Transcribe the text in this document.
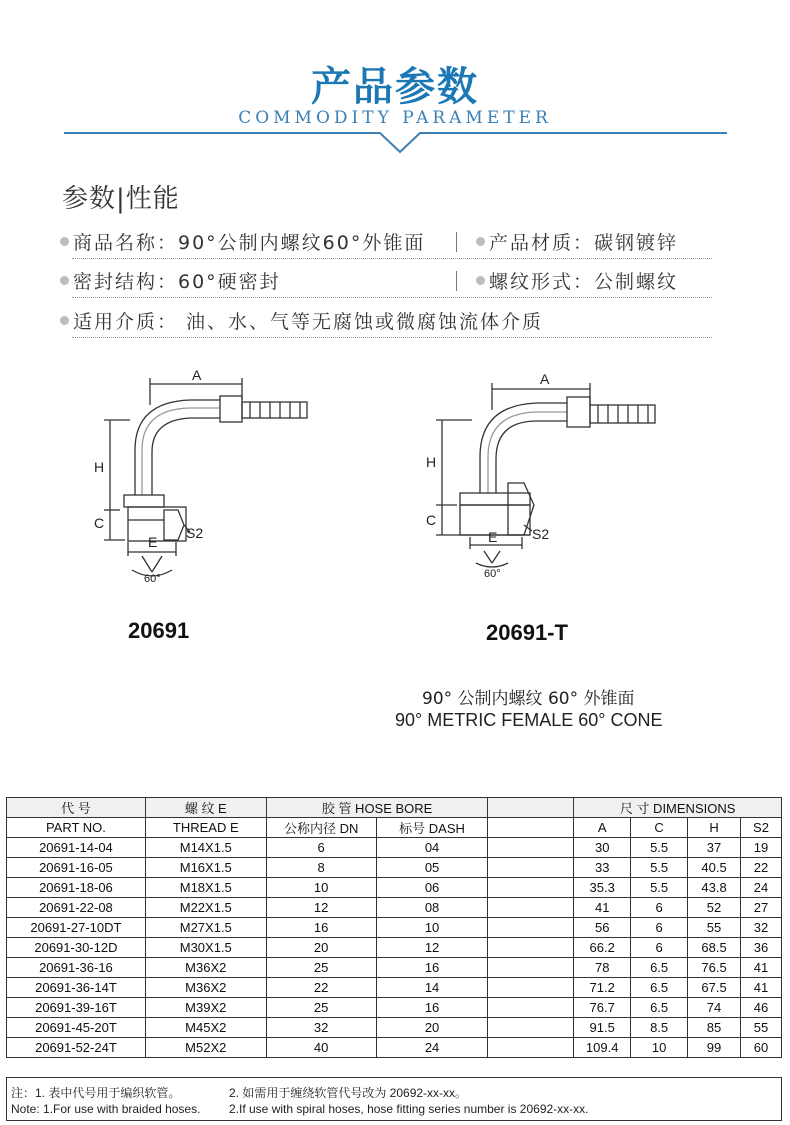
产品参数
COMMODITY PARAMETER
参数|性能
商品名称：90°公制内螺纹60°外锥面	产品材质：碳钢镀锌
密封结构：60°硬密封	螺纹形式：公制螺纹
适用介质： 油、水、气等无腐蚀或微腐蚀流体介质
A
H
C
E
S2
60°
20691
A
H
C
E S2
60°
20691-T
90° 公制内螺纹 60° 外锥面
90° METRIC FEMALE 60° CONE
代 号	螺 纹 E	胶 管 HOSE BORE			尺 寸 DIMENSIONS			
PART NO.	THREAD E	公称内径 DN	标号 DASH		A	C	H	S2
20691-14-04	M14X1.5	6	04		30	5.5	37	19
20691-16-05	M16X1.5	8	05		33	5.5	40.5	22
20691-18-06	M18X1.5	10	06		35.3	5.5	43.8	24
20691-22-08	M22X1.5	12	08		41	6	52	27
20691-27-10DT	M27X1.5	16	10		56	6	55	32
20691-30-12D	M30X1.5	20	12		66.2	6	68.5	36
20691-36-16	M36X2	25	16		78	6.5	76.5	41
20691-36-14T	M36X2	22	14		71.2	6.5	67.5	41
20691-39-16T	M39X2	25	16		76.7	6.5	74	46
20691-45-20T	M45X2	32	20		91.5	8.5	85	55
20691-52-24T	M52X2	40	24		109.4	10	99	60
注：1. 表中代号用于编织软管。	2. 如需用于缠绕软管代号改为 20692-xx-xx。
Note: 1.For use with braided hoses. 2.If use with spiral hoses, hose fitting series number is 20692-xx-xx.
